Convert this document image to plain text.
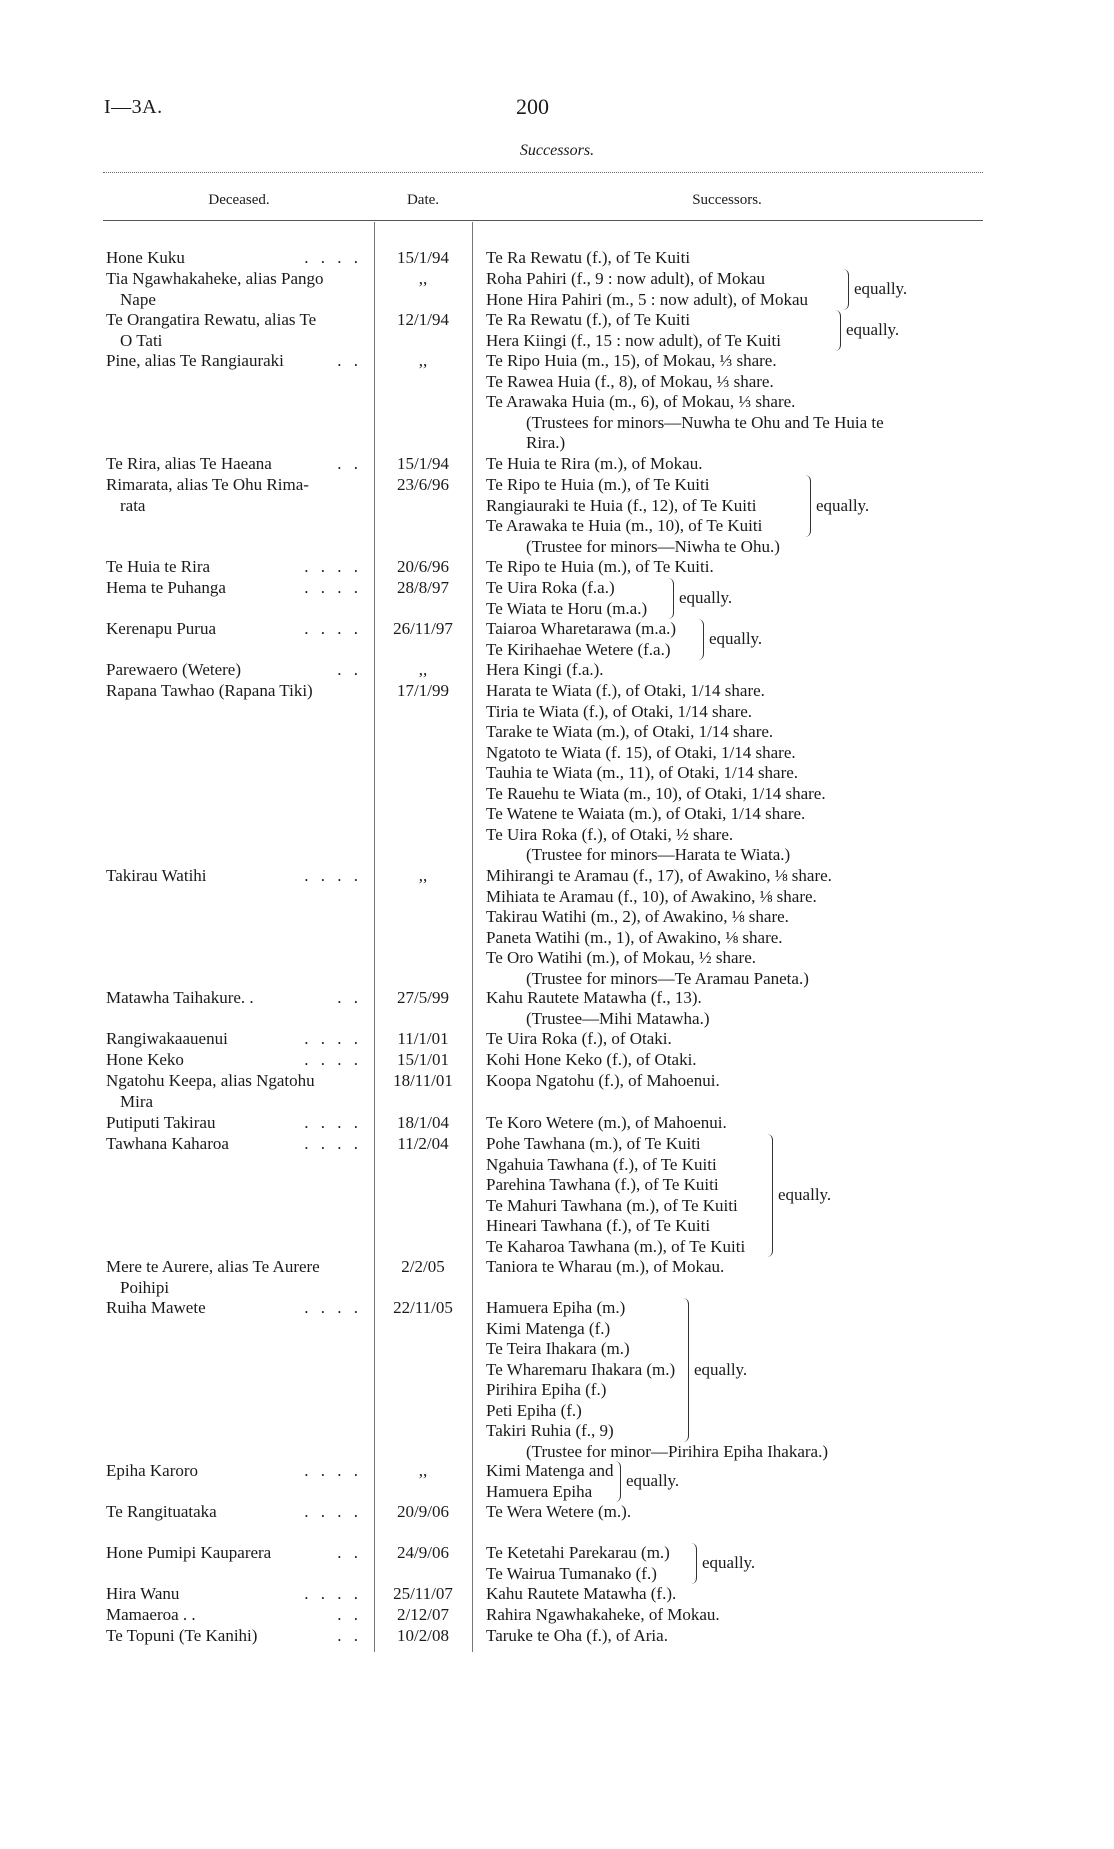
I—3A.	200
Successors.
Deceased.	Date.	Successors.
Hone Kuku	. . . .	15/1/94	Te Ra Rewatu (f.), of Te Kuiti
Tia Ngawhakaheke, alias Pango
Nape
,,	Roha Pahiri (f., 9 : now adult), of Mokau
Hone Hira Pahiri (m., 5 : now adult), of Mokau
equally.
Te Orangatira Rewatu, alias Te
O Tati
12/1/94	Te Ra Rewatu (f.), of Te Kuiti
Hera Kiingi (f., 15 : now adult), of Te Kuiti
equally.
Pine, alias Te Rangiauraki	. .	,,	Te Ripo Huia (m., 15), of Mokau, ⅓ share.
Te Rawea Huia (f., 8), of Mokau, ⅓ share.
Te Arawaka Huia (m., 6), of Mokau, ⅓ share.
(Trustees for minors—Nuwha te Ohu and Te Huia te
Rira.)
Te Rira, alias Te Haeana	. .	15/1/94	Te Huia te Rira (m.), of Mokau.
Rimarata, alias Te Ohu Rima-
rata
23/6/96	Te Ripo te Huia (m.), of Te Kuiti
Rangiauraki te Huia (f., 12), of Te Kuiti
Te Arawaka te Huia (m., 10), of Te Kuiti
equally.
(Trustee for minors—Niwha te Ohu.)
Te Huia te Rira	. . . .	20/6/96	Te Ripo te Huia (m.), of Te Kuiti.
Hema te Puhanga	. . . .	28/8/97	Te Uira Roka (f.a.)
Te Wiata te Horu (m.a.)
equally.
Kerenapu Purua	. . . .	26/11/97	Taiaroa Wharetarawa (m.a.)
Te Kirihaehae Wetere (f.a.)
equally.
Parewaero (Wetere)	. .	,,	Hera Kingi (f.a.).
Rapana Tawhao (Rapana Tiki)	17/1/99	Harata te Wiata (f.), of Otaki, 1/14 share.
Tiria te Wiata (f.), of Otaki, 1/14 share.
Tarake te Wiata (m.), of Otaki, 1/14 share.
Ngatoto te Wiata (f. 15), of Otaki, 1/14 share.
Tauhia te Wiata (m., 11), of Otaki, 1/14 share.
Te Rauehu te Wiata (m., 10), of Otaki, 1/14 share.
Te Watene te Waiata (m.), of Otaki, 1/14 share.
Te Uira Roka (f.), of Otaki, ½ share.
(Trustee for minors—Harata te Wiata.)
Takirau Watihi	. . . .	,,	Mihirangi te Aramau (f., 17), of Awakino, ⅛ share.
Mihiata te Aramau (f., 10), of Awakino, ⅛ share.
Takirau Watihi (m., 2), of Awakino, ⅛ share.
Paneta Watihi (m., 1), of Awakino, ⅛ share.
Te Oro Watihi (m.), of Mokau, ½ share.
(Trustee for minors—Te Aramau Paneta.)
Matawha Taihakure. .	. .	27/5/99	Kahu Rautete Matawha (f., 13).
(Trustee—Mihi Matawha.)
Rangiwakaauenui	. . . .	11/1/01	Te Uira Roka (f.), of Otaki.
Hone Keko	. . . .	15/1/01	Kohi Hone Keko (f.), of Otaki.
Ngatohu Keepa, alias Ngatohu
Mira
18/11/01	Koopa Ngatohu (f.), of Mahoenui.
Putiputi Takirau	. . . .	18/1/04	Te Koro Wetere (m.), of Mahoenui.
Tawhana Kaharoa	. . . .	11/2/04	Pohe Tawhana (m.), of Te Kuiti
Ngahuia Tawhana (f.), of Te Kuiti
Parehina Tawhana (f.), of Te Kuiti
Te Mahuri Tawhana (m.), of Te Kuiti
Hineari Tawhana (f.), of Te Kuiti
Te Kaharoa Tawhana (m.), of Te Kuiti
equally.
Mere te Aurere, alias Te Aurere
Poihipi
2/2/05	Taniora te Wharau (m.), of Mokau.
Ruiha Mawete	. . . .	22/11/05	Hamuera Epiha (m.)
Kimi Matenga (f.)
Te Teira Ihakara (m.)
Te Wharemaru Ihakara (m.)
Pirihira Epiha (f.)
Peti Epiha (f.)
Takiri Ruhia (f., 9)
equally.
(Trustee for minor—Pirihira Epiha Ihakara.)
Epiha Karoro	. . . .	,,	Kimi Matenga and
Hamuera Epiha
equally.
Te Rangituataka	. . . .	20/9/06	Te Wera Wetere (m.).
Hone Pumipi Kauparera	. .	24/9/06	Te Ketetahi Parekarau (m.)
Te Wairua Tumanako (f.)
equally.
Hira Wanu	. . . .	25/11/07	Kahu Rautete Matawha (f.).
Mamaeroa . .	. .	2/12/07	Rahira Ngawhakaheke, of Mokau.
Te Topuni (Te Kanihi)	. .	10/2/08	Taruke te Oha (f.), of Aria.
